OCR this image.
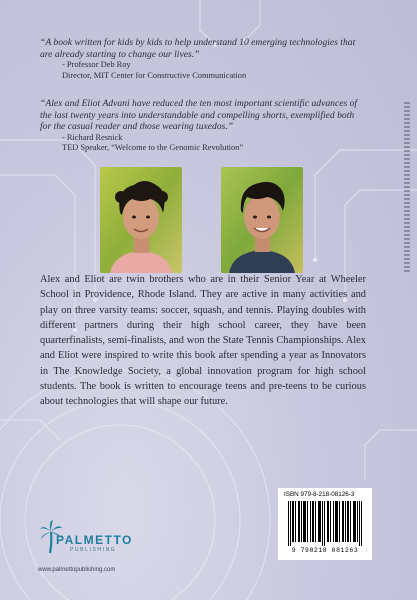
“A book written for kids by kids to help understand 10 emerging technologies that are already starting to change our lives.”
- Professor Deb Roy
Director, MIT Center for Constructive Communication
“Alex and Eliot Advani have reduced the ten most important scientific advances of the last twenty years into understandable and compelling shorts, exemplified both for the casual reader and those wearing tuxedos.”
- Richard Resnick
TED Speaker, “Welcome to the Genomic Revolution”
Alex and Eliot are twin brothers who are in their Senior Year at Wheeler School in Providence, Rhode Island. They are active in many activities and play on three varsity teams: soccer, squash, and tennis. Playing doubles with different partners during their high school career, they have been quarterfinalists, semi-finalists, and won the State Tennis Championships. Alex and Eliot were inspired to write this book after spending a year as Innovators in The Knowledge Society, a global innovation program for high school students. The book is written to encourage teens and pre-teens to be curious about technologies that will shape our future.
PALMETTO
PUBLISHING
www.palmettopublishing.com
ISBN 979-8-218-08126-3
9 798218 081263
